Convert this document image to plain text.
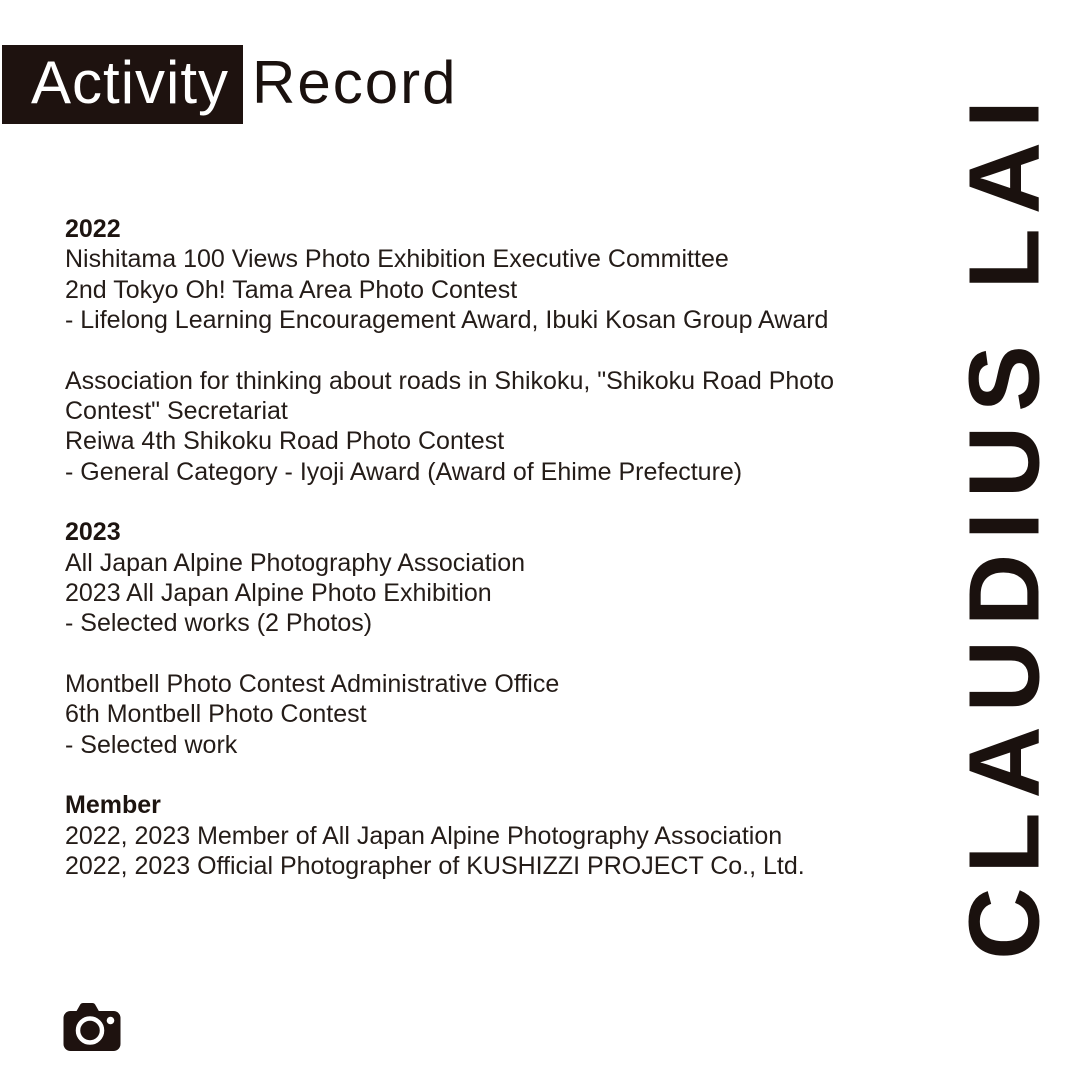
Activity Record
2022

Nishitama 100 Views Photo Exhibition Executive Committee

2nd Tokyo Oh! Tama Area Photo Contest

- Lifelong Learning Encouragement Award, Ibuki Kosan Group Award

Association for thinking about roads in Shikoku, "Shikoku Road Photo

Contest" Secretariat

Reiwa 4th Shikoku Road Photo Contest

- General Category - Iyoji Award (Award of Ehime Prefecture)

2023

All Japan Alpine Photography Association

2023 All Japan Alpine Photo Exhibition

- Selected works (2 Photos)

Montbell Photo Contest Administrative Office

6th Montbell Photo Contest

- Selected work

Member

2022, 2023 Member of All Japan Alpine Photography Association

2022, 2023 Official Photographer of KUSHIZZI PROJECT Co., Ltd.	CLAUDIUS LAI
